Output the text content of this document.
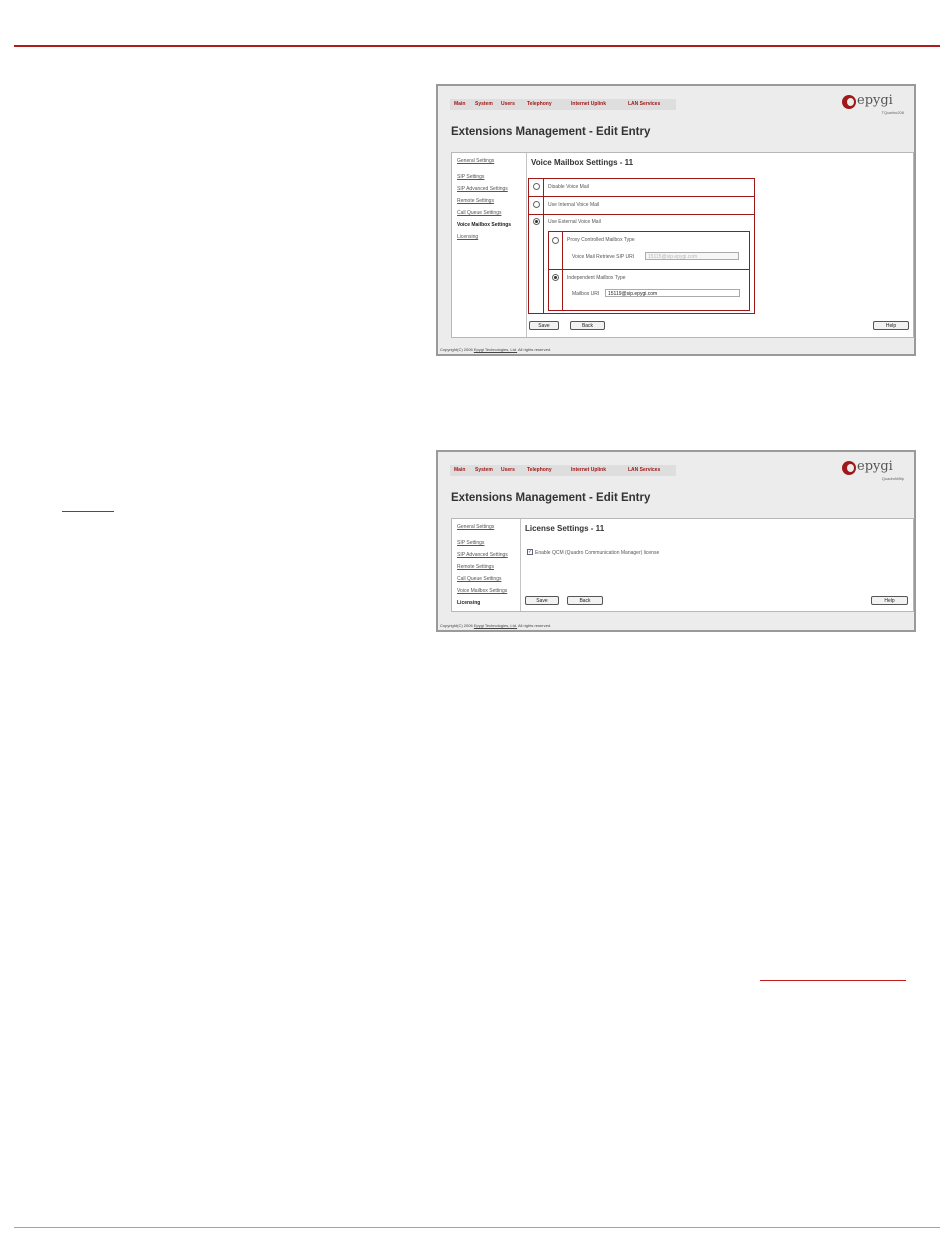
Main System Users Telephony	Internet Uplink	LAN Services	epygi
TQuattro208
Extensions Management - Edit Entry
General Settings
SIP Settings
SIP Advanced Settings
Remote Settings
Call Queue Settings
Voice Mailbox Settings
Licensing
Voice Mailbox Settings - 11
Disable Voice Mail
Use Internal Voice Mail
Use External Voice Mail
Proxy Controlled Mailbox Type
Voice Mail Retrieve SIP URI	15115@sip.epygi.com
Independent Mailbox Type
Mailbox URI	15119@sip.epygi.com
Save	Back	Help
Copyright(C) 2006 Epygi Technologies, Ltd. All rights reserved.
Main System Users Telephony	Internet Uplink	LAN Services	epygi
QuadroM8tp
Extensions Management - Edit Entry
General Settings
SIP Settings
SIP Advanced Settings
Remote Settings
Call Queue Settings
Voice Mailbox Settings
Licensing
License Settings - 11
✓ Enable QCM (Quadro Communication Manager) license
Save	Back	Help
Copyright(C) 2006 Epygi Technologies, Ltd. All rights reserved.
